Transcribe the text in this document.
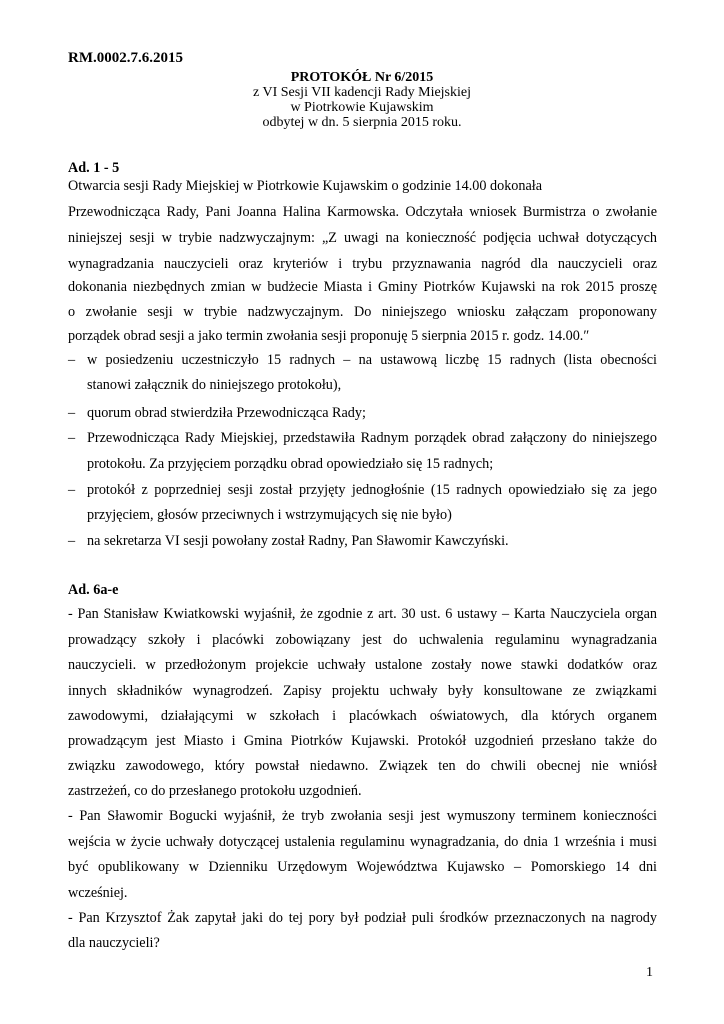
RM.0002.7.6.2015

PROTOKÓŁ Nr 6/2015
z VI Sesji VII kadencji Rady Miejskiej
w Piotrkowie Kujawskim
odbytej w dn. 5 sierpnia 2015 roku.

Ad. 1 - 5

Otwarcia sesji Rady Miejskiej w Piotrkowie Kujawskim o godzinie 14.00 dokonała

Przewodnicząca Rady, Pani Joanna Halina Karmowska. Odczytała wniosek Burmistrza o zwołanie

niniejszej sesji w trybie nadzwyczajnym: „Z uwagi na konieczność podjęcia uchwał dotyczących

wynagradzania nauczycieli oraz kryteriów i trybu przyznawania nagród dla nauczycieli oraz

dokonania niezbędnych zmian w budżecie Miasta i Gminy Piotrków Kujawski na rok 2015 proszę

o zwołanie sesji w trybie nadzwyczajnym. Do niniejszego wniosku załączam proponowany

porządek obrad sesji a jako termin zwołania sesji proponuję 5 sierpnia 2015 r. godz. 14.00.″

– w posiedzeniu uczestniczyło 15 radnych – na ustawową liczbę 15 radnych (lista obecności

stanowi załącznik do niniejszego protokołu),

– quorum obrad stwierdziła Przewodnicząca Rady;

– Przewodnicząca Rady Miejskiej, przedstawiła Radnym porządek obrad załączony do niniejszego

protokołu. Za przyjęciem porządku obrad opowiedziało się 15 radnych;

– protokół z poprzedniej sesji został przyjęty jednogłośnie (15 radnych opowiedziało się za jego

przyjęciem, głosów przeciwnych i wstrzymujących się nie było)

– na sekretarza VI sesji powołany został Radny, Pan Sławomir Kawczyński.

Ad. 6a-e

- Pan Stanisław Kwiatkowski wyjaśnił, że zgodnie z art. 30 ust. 6 ustawy – Karta Nauczyciela organ

prowadzący szkoły i placówki zobowiązany jest do uchwalenia regulaminu wynagradzania

nauczycieli. w przedłożonym projekcie uchwały ustalone zostały nowe stawki dodatków oraz

innych składników wynagrodzeń. Zapisy projektu uchwały były konsultowane ze związkami

zawodowymi, działającymi w szkołach i placówkach oświatowych, dla których organem

prowadzącym jest Miasto i Gmina Piotrków Kujawski. Protokół uzgodnień przesłano także do

związku zawodowego, który powstał niedawno. Związek ten do chwili obecnej nie wniósł

zastrzeżeń, co do przesłanego protokołu uzgodnień.

- Pan Sławomir Bogucki wyjaśnił, że tryb zwołania sesji jest wymuszony terminem konieczności

wejścia w życie uchwały dotyczącej ustalenia regulaminu wynagradzania, do dnia 1 września i musi

być opublikowany w Dzienniku Urzędowym Województwa Kujawsko – Pomorskiego 14 dni

wcześniej.

- Pan Krzysztof Żak zapytał jaki do tej pory był podział puli środków przeznaczonych na nagrody

dla nauczycieli?

1
